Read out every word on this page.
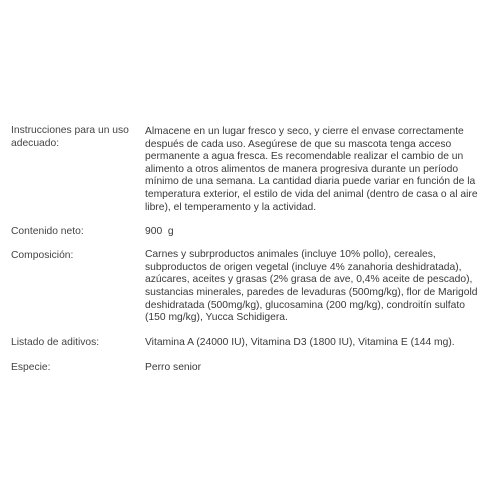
Instrucciones para un uso
adecuado:
Almacene en un lugar fresco y seco, y cierre el envase correctamente
después de cada uso. Asegúrese de que su mascota tenga acceso
permanente a agua fresca. Es recomendable realizar el cambio de un
alimento a otros alimentos de manera progresiva durante un período
mínimo de una semana. La cantidad diaria puede variar en función de la
temperatura exterior, el estilo de vida del animal (dentro de casa o al aire
libre), el temperamento y la actividad.
Contenido neto:	900  g
Composición:	Carnes y subrproductos animales (incluye 10% pollo), cereales,
subproductos de origen vegetal (incluye 4% zanahoria deshidratada),
azúcares, aceites y grasas (2% grasa de ave, 0,4% aceite de pescado),
sustancias minerales, paredes de levaduras (500mg/kg), flor de Marigold
deshidratada (500mg/kg), glucosamina (200 mg/kg), condroitín sulfato
(150 mg/kg), Yucca Schidigera.
Listado de aditivos:	Vitamina A (24000 IU), Vitamina D3 (1800 IU), Vitamina E (144 mg).
Especie:	Perro senior
